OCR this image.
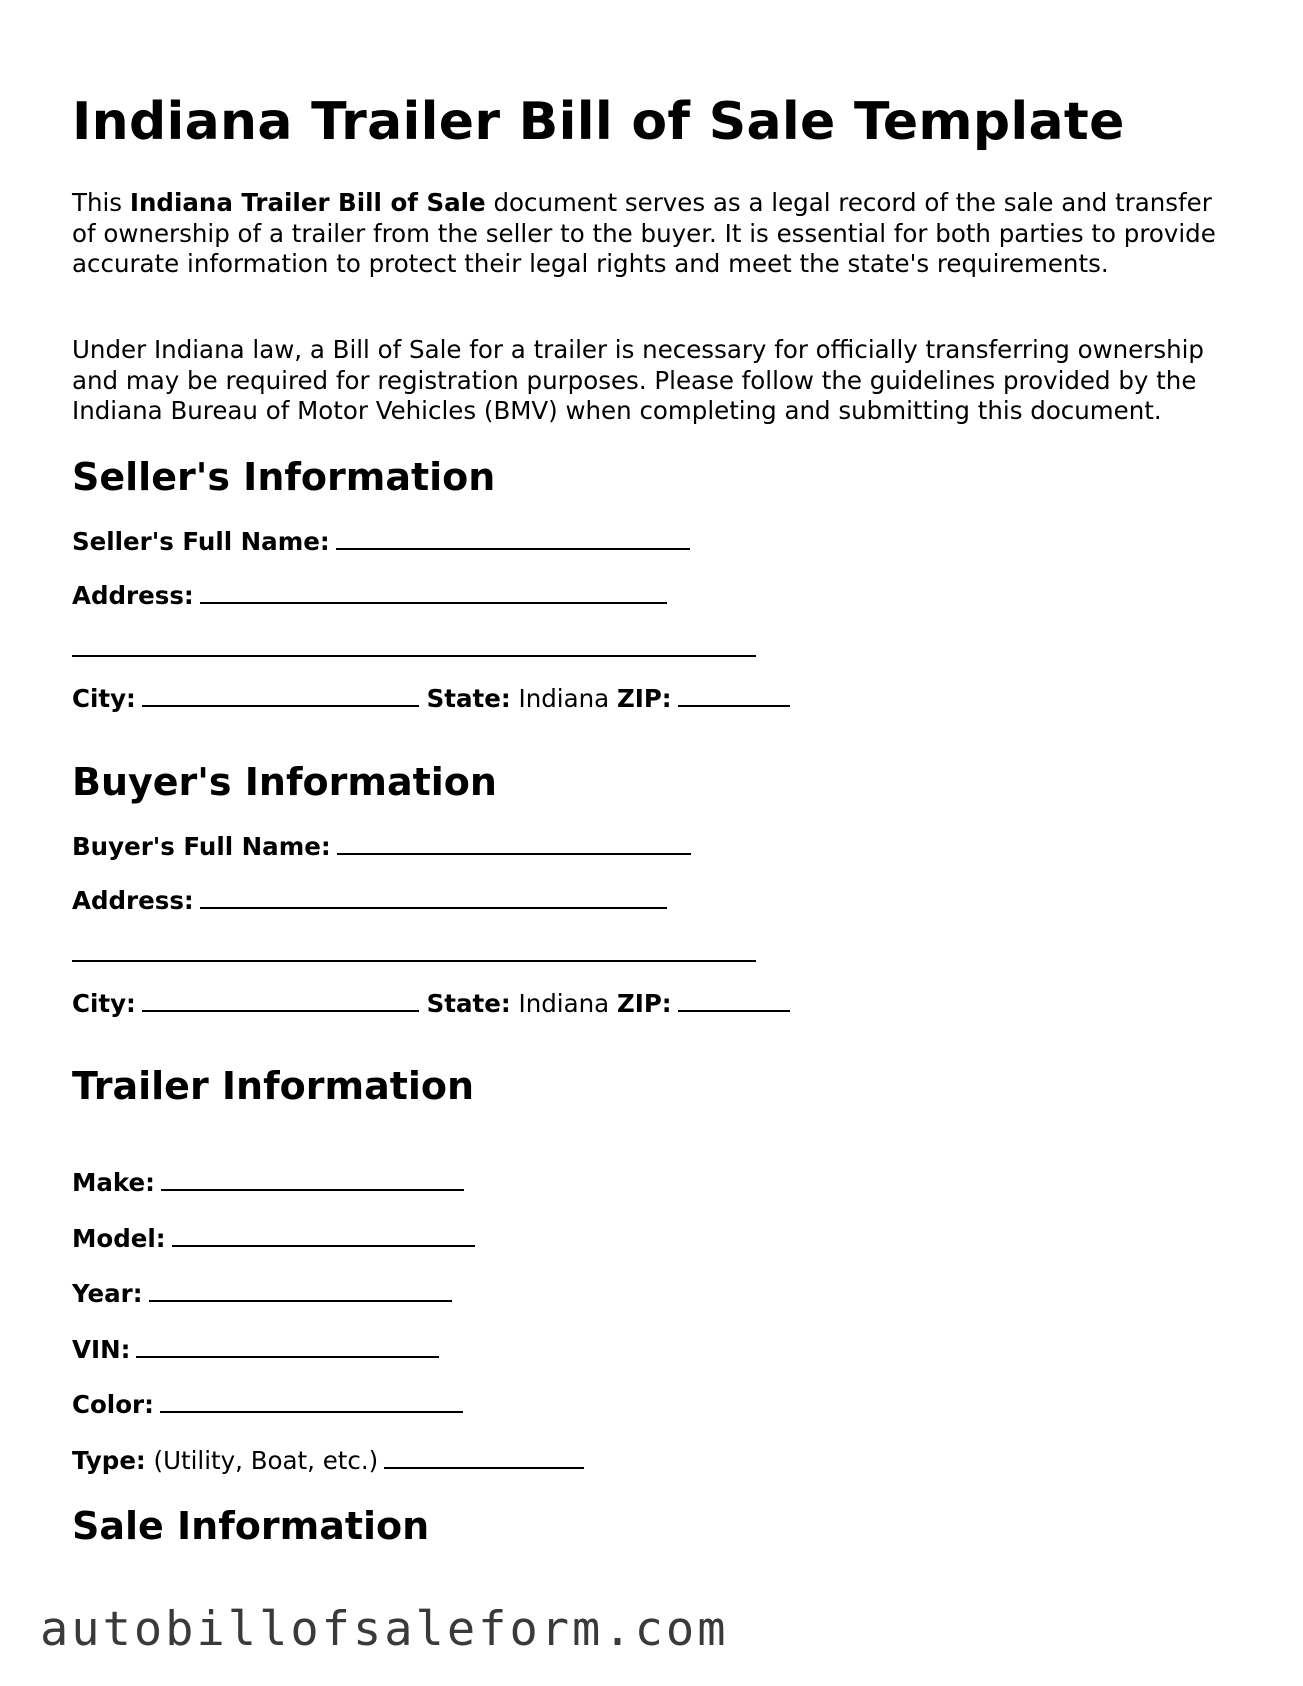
Indiana Trailer Bill of Sale Template

This Indiana Trailer Bill of Sale document serves as a legal record of the sale and transfer of ownership of a trailer from the seller to the buyer. It is essential for both parties to provide accurate information to protect their legal rights and meet the state's requirements.

Under Indiana law, a Bill of Sale for a trailer is necessary for officially transferring ownership and may be required for registration purposes. Please follow the guidelines provided by the Indiana Bureau of Motor Vehicles (BMV) when completing and submitting this document.

Seller's Information
Seller's Full Name:
Address:
City:	State: Indiana ZIP:
Buyer's Information
Buyer's Full Name:
Address:
City:	State: Indiana ZIP:
Trailer Information
Make:
Model:
Year:
VIN:
Color:
Type: (Utility, Boat, etc.)
Sale Information
autobillofsaleform.com
